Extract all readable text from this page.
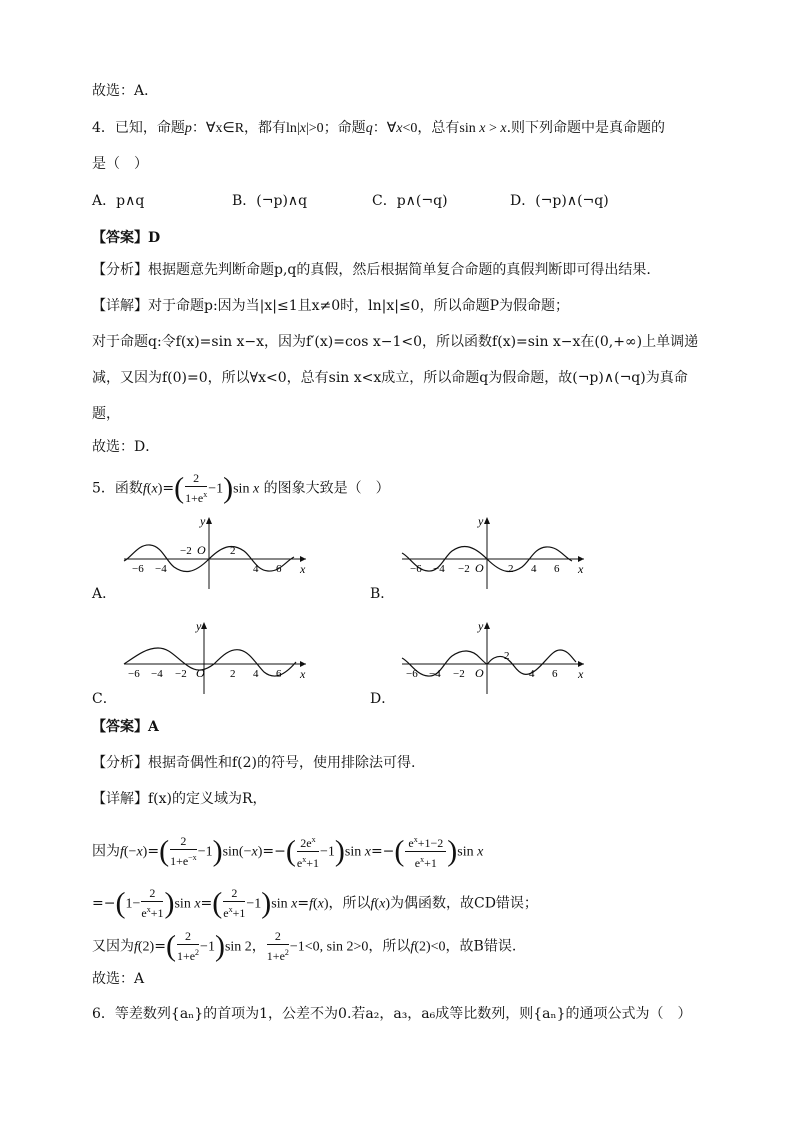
故选：A．
4．已知，命题p：∀x∈R，都有ln|x|>0；命题q：∀x<0，总有sin x > x.则下列命题中是真命题的
是（　）
A．p∧q	B．(¬p)∧q	C．p∧(¬q)	D．(¬p)∧(¬q)
【答案】D
【分析】根据题意先判断命题p,q的真假，然后根据简单复合命题的真假判断即可得出结果.
【详解】对于命题p:因为当|x|≤1且x≠0时，ln|x|≤0，所以命题P为假命题；
对于命题q:令f(x)=sin x−x，因为f′(x)=cos x−1<0，所以函数f(x)=sin x−x在(0,+∞)上单调递
减，又因为f(0)=0，所以∀x<0，总有sin x<x成立，所以命题q为假命题，故(¬p)∧(¬q)为真命
题，
故选：D．
5．函数$f(x)=( \frac{2}{1+e^x} -1)\sin$ x 的图象大致是（　）
−6 −4
−2	2
4 6
O
y
x
A．
−6 −4 −2	2 4 6
O
y
x
B．
−6 −4 −2	2 4 6
O
y
x
C．
−6 −4 −2
2
4 6
O
y
x
D．
【答案】A
【分析】根据奇偶性和f(2)的符号，使用排除法可得.
【详解】f(x)的定义域为R，
因为$f(-x)=( \frac{2}{1+e^{-x}} -1)\sin(-x)=-( \frac{2e^x}{e^x+1} -1)\sin$ $x=-( \frac{e^x+1-2}{e^x+1} )\sin$ x
$=-(1- \frac{2}{e^x+1} )\sin$ $x=( \frac{2}{e^x+1} -1)\sin$ x=f(x)，所以f(x)为偶函数，故CD错误；
又因为$f(2)=( \frac{2}{1+e^2} -1)\sin$ 2， $\frac{2}{1+e^2} -1<0$, sin 2>0，所以f(2)<0，故B错误.
故选：A
6．等差数列{aₙ}的首项为1，公差不为0.若a₂，a₃，a₆成等比数列，则{aₙ}的通项公式为（　）
